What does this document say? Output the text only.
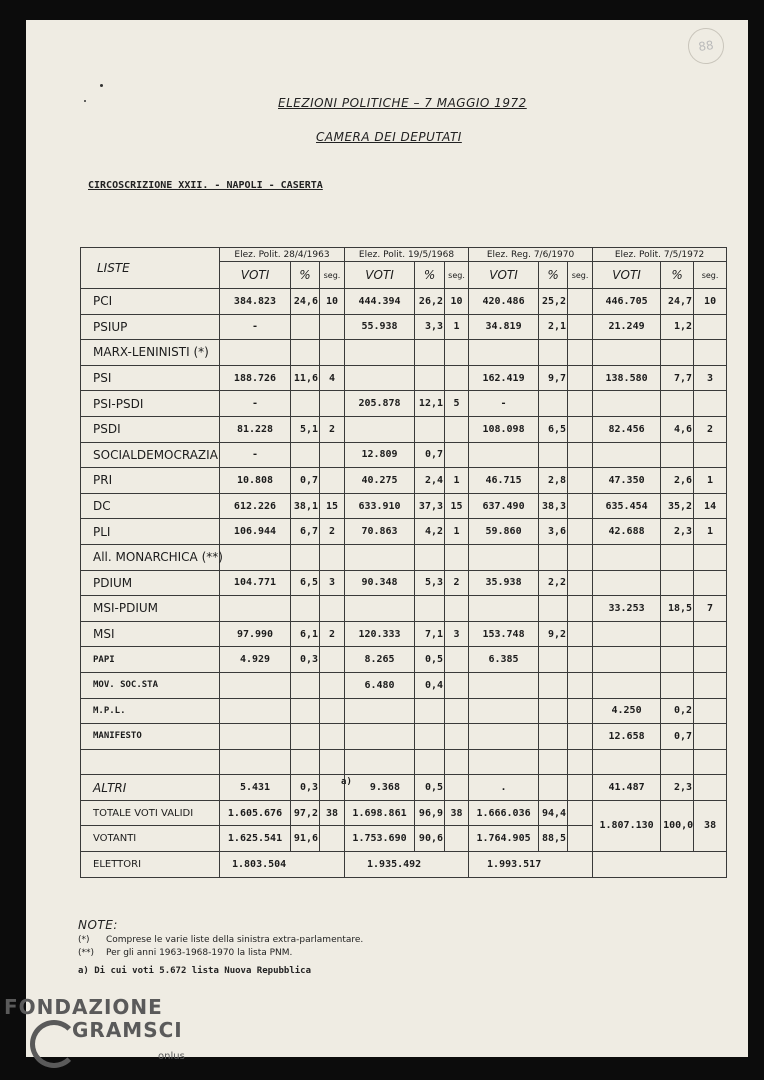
88
ELEZIONI POLITICHE – 7 MAGGIO 1972
CAMERA DEI DEPUTATI
CIRCOSCRIZIONE XXII. - NAPOLI - CASERTA
LISTE	Elez. Polit. 28/4/1963			Elez. Polit. 19/5/1968			Elez. Reg. 7/6/1970			Elez. Polit. 7/5/1972		
	VOTI	%	seg.	VOTI	%	seg.	VOTI	%	seg.	VOTI	%	seg.
PCI	384.823	24,6	10	444.394	26,2	10	420.486	25,2		446.705	24,7	10
PSIUP	-			55.938	3,3	1	34.819	2,1		21.249	1,2	
MARX-LENINISTI (*)												
PSI	188.726	11,6	4				162.419	9,7		138.580	7,7	3
PSI-PSDI	-			205.878	12,1	5	-					
PSDI	81.228	5,1	2				108.098	6,5		82.456	4,6	2
SOCIALDEMOCRAZIA	-			12.809	0,7							
PRI	10.808	0,7		40.275	2,4	1	46.715	2,8		47.350	2,6	1
DC	612.226	38,1	15	633.910	37,3	15	637.490	38,3		635.454	35,2	14
PLI	106.944	6,7	2	70.863	4,2	1	59.860	3,6		42.688	2,3	1
All. MONARCHICA (**)												
PDIUM	104.771	6,5	3	90.348	5,3	2	35.938	2,2				
MSI-PDIUM										33.253	18,5	7
MSI	97.990	6,1	2	120.333	7,1	3	153.748	9,2				
PAPI	4.929	0,3		8.265	0,5		6.385					
MOV. SOC.STA				6.480	0,4							
M.P.L.										4.250	0,2	
MANIFESTO										12.658	0,7	

ALTRI	5.431	0,3		a) 9.368	0,5		.			41.487	2,3	
TOTALE VOTI VALIDI	1.605.676	97,2	38	1.698.861	96,9	38	1.666.036	94,4		1.807.130	100,0	38
VOTANTI	1.625.541	91,6		1.753.690	90,6		1.764.905	88,5				
ELETTORI	1.803.504			1.935.492			1.993.517					
NOTE:
(*) Comprese le varie liste della sinistra extra-parlamentare.
(**) Per gli anni 1963-1968-1970 la lista PNM.
a) Di cui voti 5.672 lista Nuova Repubblica
FONDAZIONE
GRAMSCI
onlus
